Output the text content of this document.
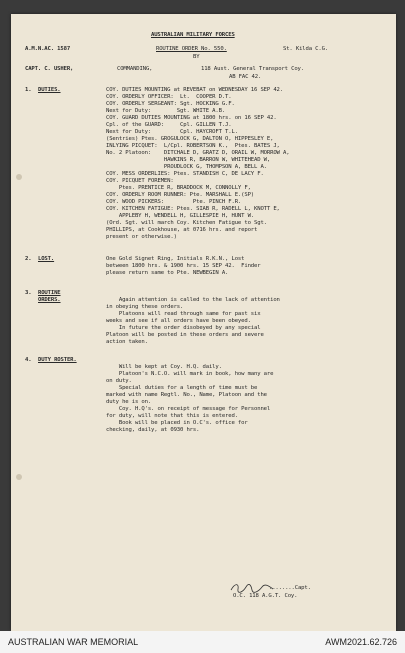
AUSTRALIAN MILITARY FORCES
A.M.N.AC. 1587	ROUTINE ORDER No. 550.	St. Kilda C.G.
BY
CAPT. C. USHER,	COMMANDING,	118 Aust. General Transport Coy.
AB FAC 42.
1. DUTIES.	COY. DUTIES MOUNTING at REVEBAT on WEDNESDAY 16 SEP 42.
COY. ORDERLY OFFICER:  Lt.  COOPER D.T.
COY. ORDERLY SERGEANT: Sgt. HOCKING G.F.
Next for Duty:        Sgt. WHITE A.B.
COY. GUARD DUTIES MOUNTING at 1800 hrs. on 16 SEP 42.
Cpl. of the GUARD:     Cpl. GILLEN T.J.
Next for Duty:         Cpl. HAYCROFT T.L.
(Sentries) Ptes. GROGULOCK G, DALTON O, HIPPESLEY E,
INLYING PICQUET:  L/Cpl. ROBERTSON K.,  Ptes. BATES J,
No. 2 Platoon:    DITCHALE D, GRATZ D, ORAIL W, MORROW A,
HAWKINS R, BARRON W, WHITEHEAD W,
PROUDLOCK G, THOMPSON A, BELL A.
COY. MESS ORDERLIES: Ptes. STANDISH C, DE LACY F.
COY. PICQUET FOREMEN:
Ptes. PRENTICE R, BRADDOCK M, CONNOLLY F,
COY. ORDERLY ROOM RUNNER: Pte. MARSHALL E.(SP)
COY. WOOD PICKERS:         Pte. PINCH F.R.
COY. KITCHEN FATIGUE: Ptes. SIAB R, RADELL L, KNOTT E,
APPLEBY H, WENDELL H, GILLESPIE H, HUNT W.
(Ord. Sgt. will march Coy. Kitchen Fatigue to Sgt.
PHILLIPS, at Cookhouse, at 0716 hrs. and report
present or otherwise.)
2. LOST.	One Gold Signet Ring, Initials R.K.N., Lost
between 1800 hrs. & 1900 hrs. 15 SEP 42.  Finder
please return same to Pte. NEWBEGIN A.
3. ROUTINE
ORDERS.	Again attention is called to the lack of attention
in obeying these orders.
Platoons will read through same for past six
weeks and see if all orders have been obeyed.
In future the order disobeyed by any special
Platoon will be posted in these orders and severe
action taken.
4. DUTY ROSTER.
Will be kept at Coy. H.Q. daily.
Platoon's N.C.O. will mark in book, how many are
on duty.
Special duties for a length of time must be
marked with name Regtl. No., Name, Platoon and the
duty he is on.
Coy. H.Q's. on receipt of message for Personnel
for duty, will note that this is entered.
Book will be placed in O.C's. office for
checking, daily, at 0930 hrs.
........Capt.
O.C. 118 A.G.T. Coy.
AUSTRALIAN WAR MEMORIAL	AWM2021.62.726
